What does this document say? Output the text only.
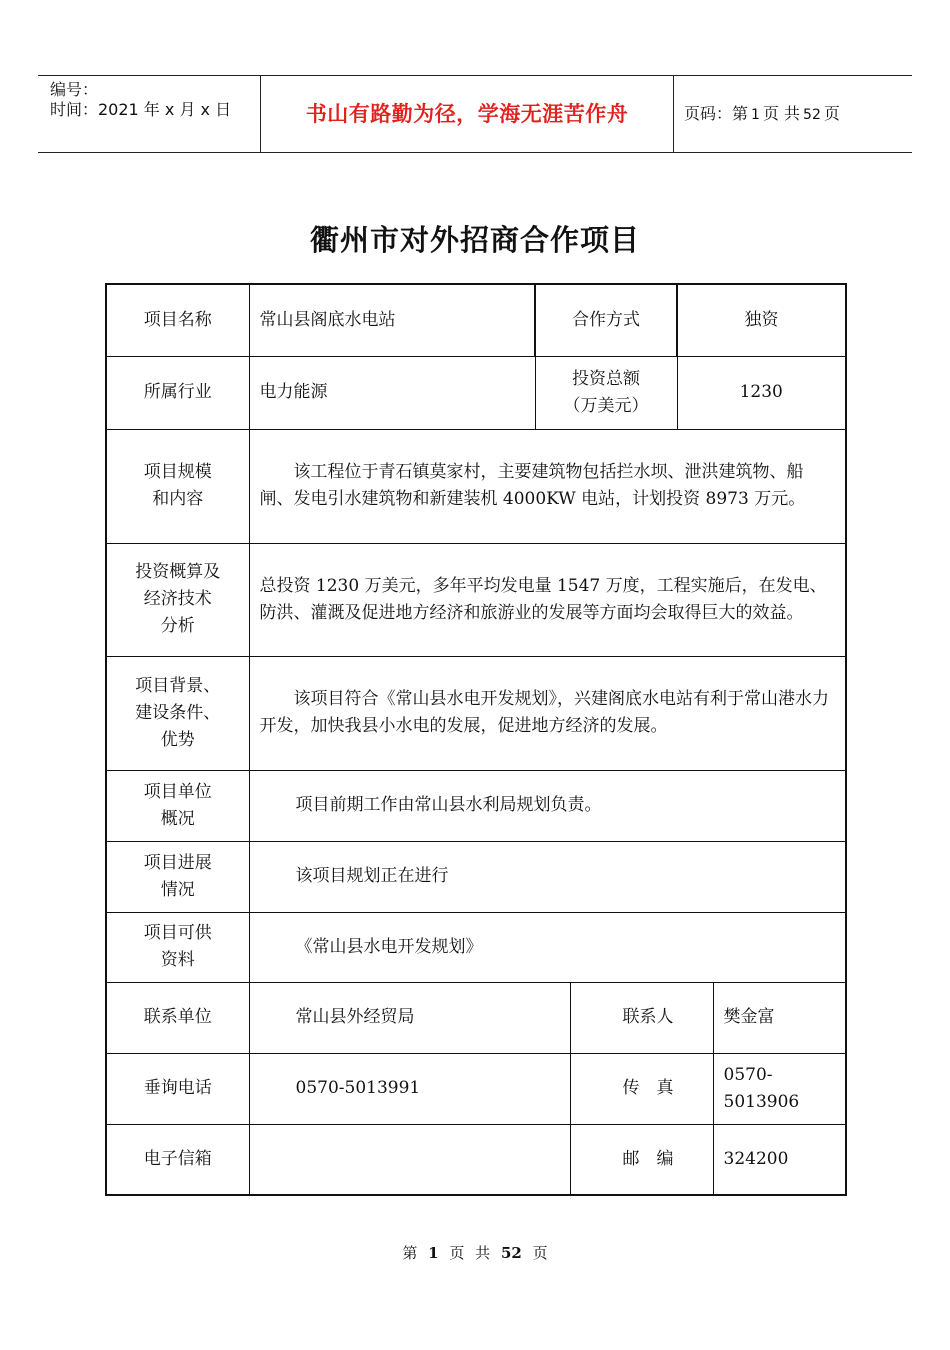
编号：
时间：2021 年 x 月 x 日	书山有路勤为径，学海无涯苦作舟	页码：第 1 页 共 52 页
衢州市对外招商合作项目
项目名称	常山县阁底水电站	合作方式		独资	
所属行业	电力能源	投资总额
（万美元）		1230	

项目规模
和内容	该工程位于青石镇莫家村，主要建筑物包括拦水坝、泄洪建筑物、船闸、发电引水建筑物和新建装机 4000KW 电站，计划投资 8973 万元。				

投资概算及
经济技术
分析	总投资 1230 万美元，多年平均发电量 1547 万度，工程实施后，在发电、防洪、灌溉及促进地方经济和旅游业的发展等方面均会取得巨大的效益。				

项目背景、
建设条件、
优势	该项目符合《常山县水电开发规划》，兴建阁底水电站有利于常山港水力开发，加快我县小水电的发展，促进地方经济的发展。				

项目单位
概况	项目前期工作由常山县水利局规划负责。				

项目进展
情况	该项目规划正在进行				

项目可供
资料	《常山县水电开发规划》				
联系单位	常山县外经贸局		联系人		樊金富
垂询电话	0570-5013991		传　真		0570-5013906
电子信箱			邮　编		324200
第 1 页 共 52 页
